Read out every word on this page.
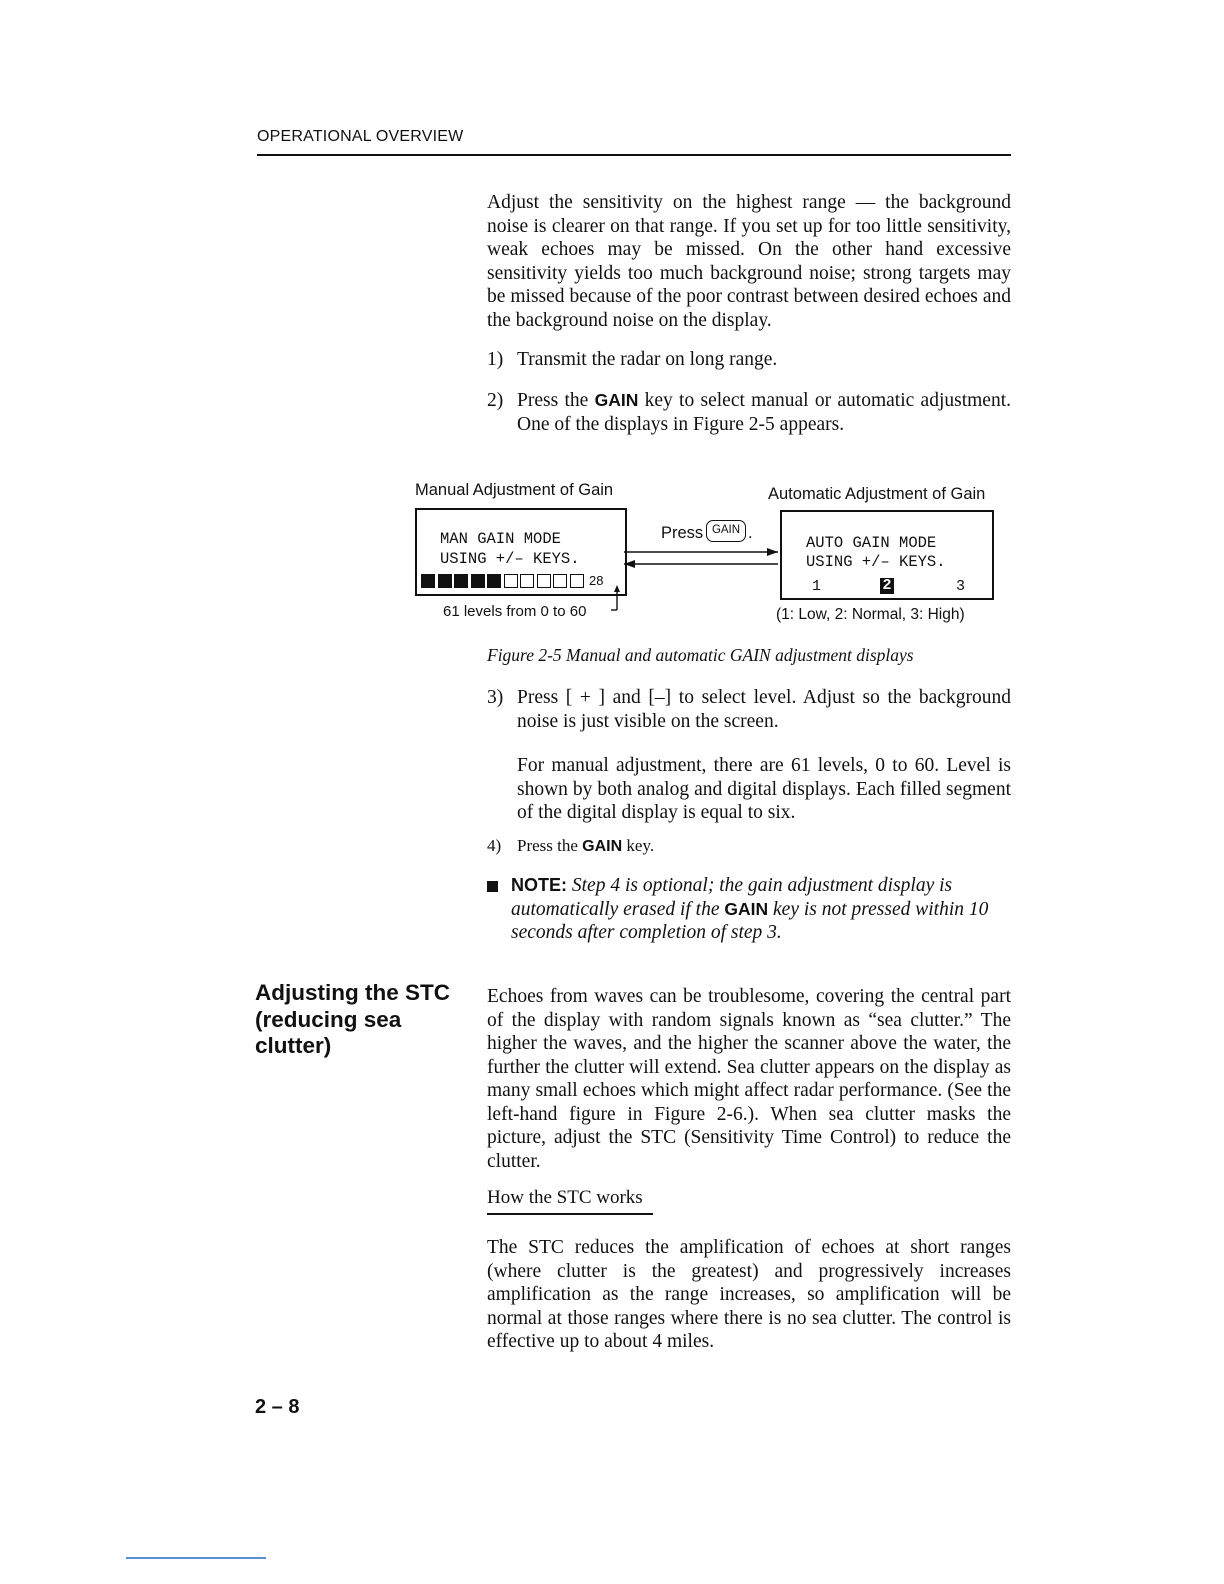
OPERATIONAL OVERVIEW
Adjust the sensitivity on the highest range — the background noise is clearer on that range. If you set up for too little sensitivity, weak echoes may be missed. On the other hand excessive sensitivity yields too much background noise; strong targets may be missed because of the poor contrast between desired echoes and the background noise on the display.
1) Transmit the radar on long range.
2) Press the GAIN key to select manual or automatic adjustment. One of the displays in Figure 2-5 appears.
Manual Adjustment of Gain	Automatic Adjustment of Gain
MAN GAIN MODE
USING +/– KEYS.
28
61 levels from 0 to 60
AUTO GAIN MODE
USING +/– KEYS.
1	2	3
(1: Low, 2: Normal, 3: High)
Press GAIN .
Figure 2-5 Manual and automatic GAIN adjustment displays
3) Press [ + ] and [–] to select level. Adjust so the background noise is just visible on the screen.
For manual adjustment, there are 61 levels, 0 to 60. Level is shown by both analog and digital displays. Each filled segment of the digital display is equal to six.
4) Press the GAIN key.
NOTE: Step 4 is optional; the gain adjustment display is automatically erased if the GAIN key is not pressed within 10 seconds after completion of step 3.
Adjusting the STC (reducing sea clutter)
Echoes from waves can be troublesome, covering the central part of the display with random signals known as “sea clutter.” The higher the waves, and the higher the scanner above the water, the further the clutter will extend. Sea clutter appears on the display as many small echoes which might affect radar performance. (See the left-hand figure in Figure 2-6.). When sea clutter masks the picture, adjust the STC (Sensitivity Time Control) to reduce the clutter.
How the STC works
The STC reduces the amplification of echoes at short ranges (where clutter is the greatest) and progressively increases amplification as the range increases, so amplification will be normal at those ranges where there is no sea clutter. The control is effective up to about 4 miles.
2 – 8
